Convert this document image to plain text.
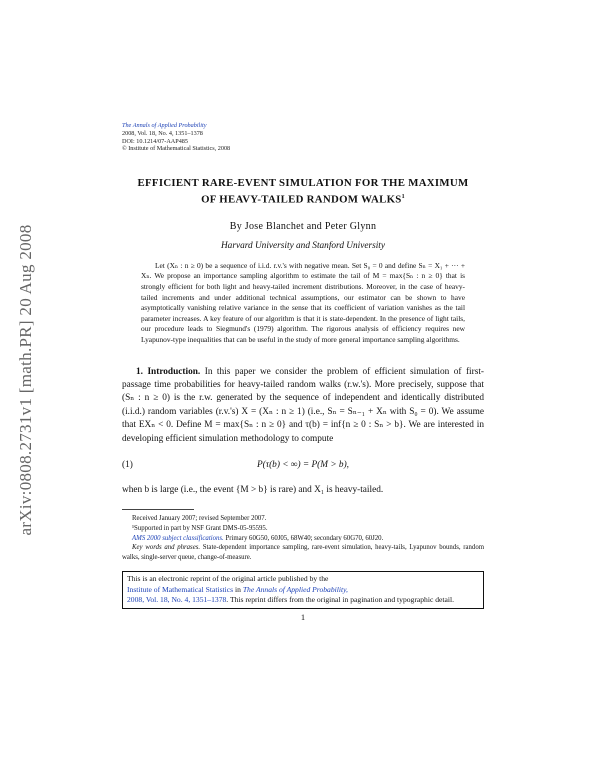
arXiv:0808.2731v1 [math.PR] 20 Aug 2008
The Annals of Applied Probability
2008, Vol. 18, No. 4, 1351–1378
DOI: 10.1214/07-AAP485
© Institute of Mathematical Statistics, 2008
EFFICIENT RARE-EVENT SIMULATION FOR THE MAXIMUM
OF HEAVY-TAILED RANDOM WALKS$^1$
By Jose Blanchet and Peter Glynn
Harvard University and Stanford University

Let (Xₙ : n ≥ 0) be a sequence of i.i.d. r.v.'s with negative mean. Set S₀ = 0 and define Sₙ = X₁ + ··· + Xₙ. We propose an importance sampling algorithm to estimate the tail of M = max{Sₙ : n ≥ 0} that is strongly efficient for both light and heavy-tailed increment distributions. Moreover, in the case of heavy-tailed increments and under additional technical assumptions, our estimator can be shown to have asymptotically vanishing relative variance in the sense that its coefficient of variation vanishes as the tail parameter increases. A key feature of our algorithm is that it is state-dependent. In the presence of light tails, our procedure leads to Siegmund's (1979) algorithm. The rigorous analysis of efficiency requires new Lyapunov-type inequalities that can be useful in the study of more general importance sampling algorithms.

1. Introduction. In this paper we consider the problem of efficient simulation of first-passage time probabilities for heavy-tailed random walks (r.w.'s). More precisely, suppose that (Sₙ : n ≥ 0) is the r.w. generated by the sequence of independent and identically distributed (i.i.d.) random variables (r.v.'s) X = (Xₙ : n ≥ 1) (i.e., Sₙ = Sₙ₋₁ + Xₙ with S₀ = 0). We assume that EXₙ < 0. Define M = max{Sₙ : n ≥ 0} and τ(b) = inf{n ≥ 0 : Sₙ > b}. We are interested in developing efficient simulation methodology to compute

(1)	P(τ(b) < ∞) = P(M > b),

when b is large (i.e., the event {M > b} is rare) and X₁ is heavy-tailed.

Received January 2007; revised September 2007.

¹Supported in part by NSF Grant DMS-05-95595.

AMS 2000 subject classifications. Primary 60G50, 60J05, 68W40; secondary 60G70, 60J20.

Key words and phrases. State-dependent importance sampling, rare-event simulation, heavy-tails, Lyapunov bounds, random walks, single-server queue, change-of-measure.

This is an electronic reprint of the original article published by the
Institute of Mathematical Statistics in The Annals of Applied Probability,
2008, Vol. 18, No. 4, 1351–1378. This reprint differs from the original in pagination and typographic detail.
1
